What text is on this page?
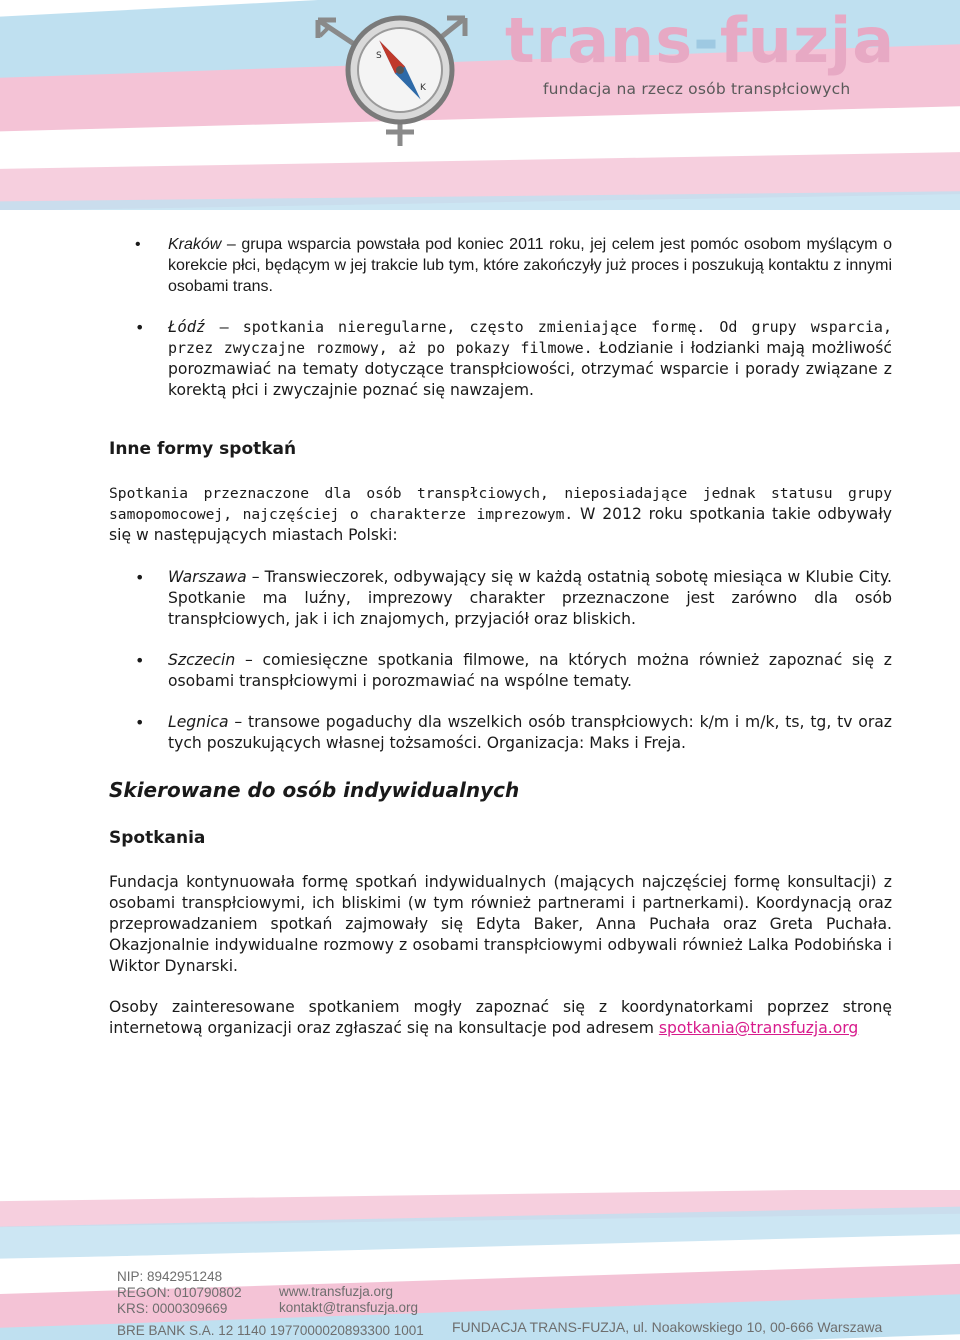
S
K
trans-fuzja
fundacja na rzecz osób transpłciowych
• Kraków – grupa wsparcia powstała pod koniec 2011 roku, jej celem jest pomóc osobom myślącym o korekcie płci, będącym w jej trakcie lub tym, które zakończyły już proces i poszukują kontaktu z innymi osobami trans.
• Łódź – spotkania nieregularne, często zmieniające formę. Od grupy wsparcia, przez zwyczajne rozmowy, aż po pokazy filmowe. Łodzianie i łodzianki mają możliwość porozmawiać na tematy dotyczące transpłciowości, otrzymać wsparcie i porady związane z korektą płci i zwyczajnie poznać się nawzajem.
Inne formy spotkań

Spotkania przeznaczone dla osób transpłciowych, nieposiadające jednak statusu grupy samopomocowej, najczęściej o charakterze imprezowym. W 2012 roku spotkania takie odbywały się w następujących miastach Polski:

• Warszawa – Transwieczorek, odbywający się w każdą ostatnią sobotę miesiąca w Klubie City. Spotkanie ma luźny, imprezowy charakter przeznaczone jest zarówno dla osób transpłciowych, jak i ich znajomych, przyjaciół oraz bliskich.
• Szczecin – comiesięczne spotkania filmowe, na których można również zapoznać się z osobami transpłciowymi i porozmawiać na wspólne tematy.
• Legnica – transowe pogaduchy dla wszelkich osób transpłciowych: k/m i m/k, ts, tg, tv oraz tych poszukujących własnej tożsamości. Organizacja: Maks i Freja.
Skierowane do osób indywidualnych
Spotkania

Fundacja kontynuowała formę spotkań indywidualnych (mających najczęściej formę konsultacji) z osobami transpłciowymi, ich bliskimi (w tym również partnerami i partnerkami). Koordynacją oraz przeprowadzaniem spotkań zajmowały się Edyta Baker, Anna Puchała oraz Greta Puchała. Okazjonalnie indywidualne rozmowy z osobami transpłciowymi odbywali również Lalka Podobińska i Wiktor Dynarski.

Osoby zainteresowane spotkaniem mogły zapoznać się z koordynatorkami poprzez stronę internetową organizacji oraz zgłaszać się na konsultacje pod adresem spotkania@transfuzja.org

NIP: 8942951248
REGON: 010790802
KRS: 0000309669
www.transfuzja.org
kontakt@transfuzja.org
BRE BANK S.A. 12 1140 1977000020893300 1001 FUNDACJA TRANS-FUZJA, ul. Noakowskiego 10, 00-666 Warszawa
